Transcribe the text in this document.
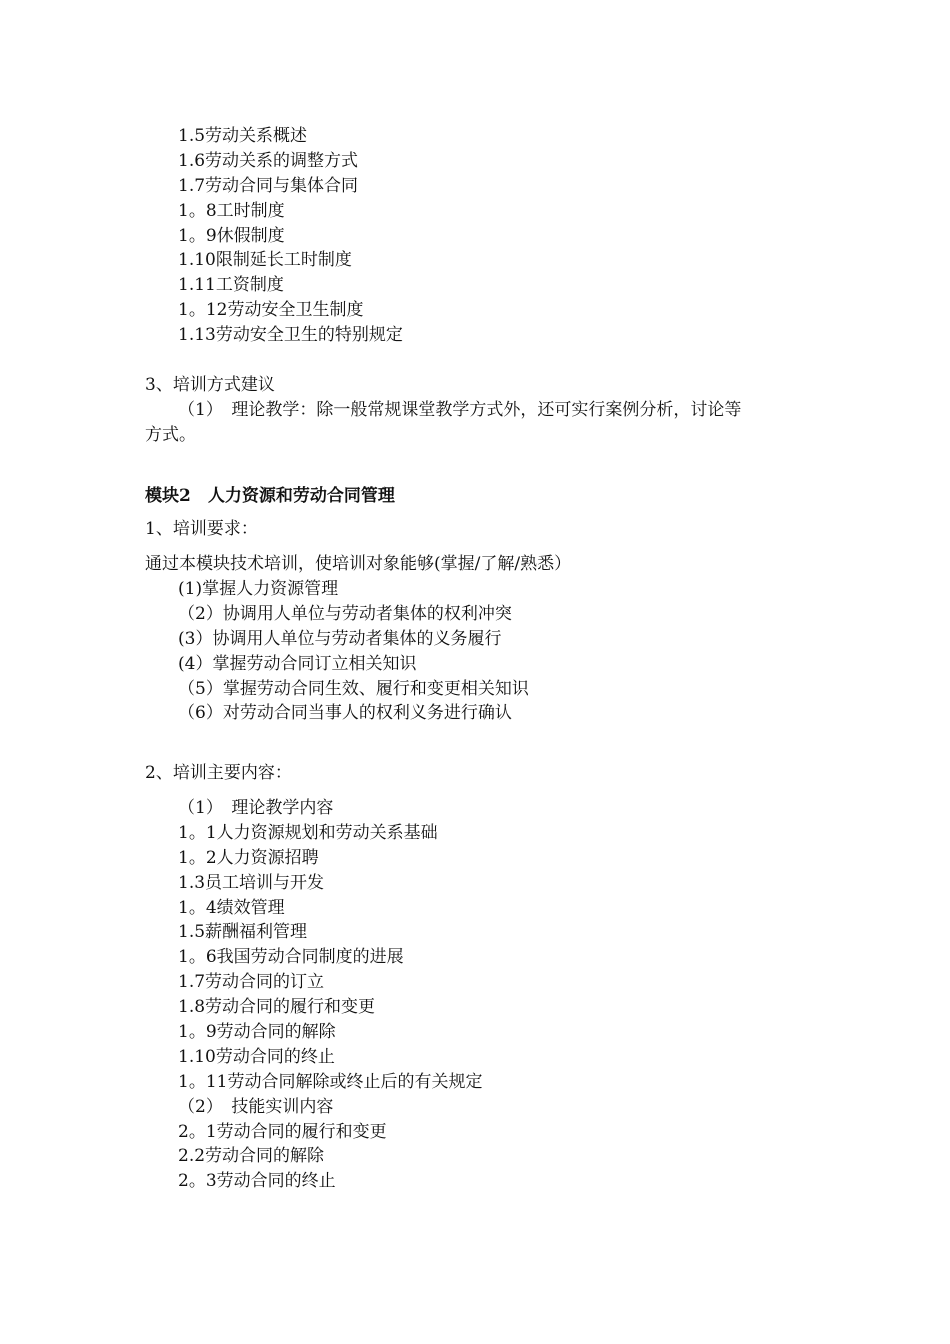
1.5劳动关系概述
1.6劳动关系的调整方式
1.7劳动合同与集体合同
1。8工时制度
1。9休假制度
1.10限制延长工时制度
1.11工资制度
1。12劳动安全卫生制度
1.13劳动安全卫生的特别规定
3、培训方式建议
（1）　理论教学：除一般常规课堂教学方式外，还可实行案例分析，讨论等
方式。
模块2　人力资源和劳动合同管理
1、培训要求：
通过本模块技术培训，使培训对象能够(掌握/了解/熟悉）
(1)掌握人力资源管理
（2）协调用人单位与劳动者集体的权利冲突
(3）协调用人单位与劳动者集体的义务履行
(4）掌握劳动合同订立相关知识
（5）掌握劳动合同生效、履行和变更相关知识
（6）对劳动合同当事人的权利义务进行确认
2、培训主要内容：
（1）　理论教学内容
1。1人力资源规划和劳动关系基础
1。2人力资源招聘
1.3员工培训与开发
1。4绩效管理
1.5薪酬福利管理
1。6我国劳动合同制度的进展
1.7劳动合同的订立
1.8劳动合同的履行和变更
1。9劳动合同的解除
1.10劳动合同的终止
1。11劳动合同解除或终止后的有关规定
（2）　技能实训内容
2。1劳动合同的履行和变更
2.2劳动合同的解除
2。3劳动合同的终止
